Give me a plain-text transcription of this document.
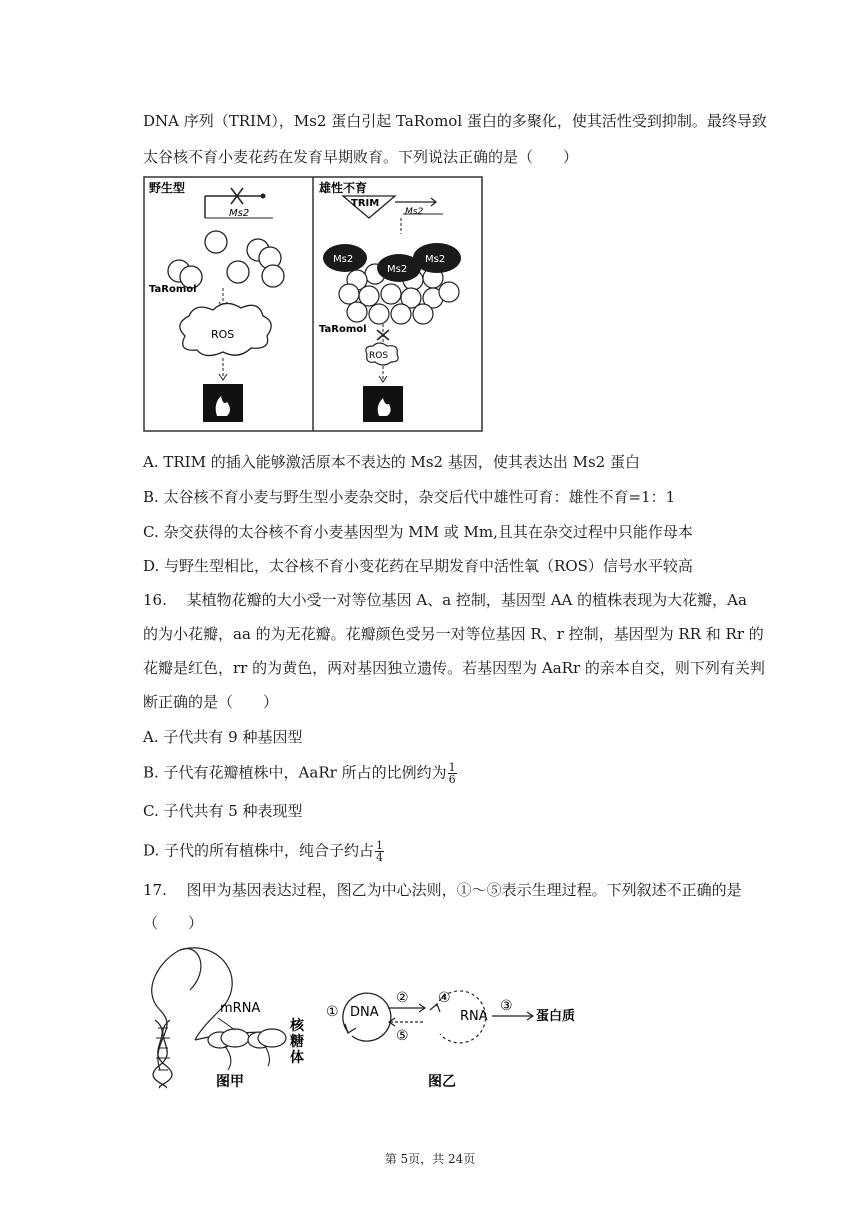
DNA 序列（TRIM），Ms2 蛋白引起 TaRomol 蛋白的多聚化，使其活性受到抑制。最终导致
太谷核不育小麦花药在发育早期败育。下列说法正确的是（　　）
野生型
Ms2
TaRomol
ROS
雄性不育
TRIM
Ms2
Ms2
Ms2
Ms2
TaRomol
ROS
A. TRIM 的插入能够激活原本不表达的 Ms2 基因，使其表达出 Ms2 蛋白
B. 太谷核不育小麦与野生型小麦杂交时，杂交后代中雄性可育：雄性不育=1：1
C. 杂交获得的太谷核不育小麦基因型为 MM 或 Mm,且其在杂交过程中只能作母本
D. 与野生型相比，太谷核不育小变花药在早期发育中活性氧（ROS）信号水平较高
16.　 某植物花瓣的大小受一对等位基因 A、a 控制，基因型 AA 的植株表现为大花瓣，Aa
的为小花瓣，aa 的为无花瓣。花瓣颜色受另一对等位基因 R、r 控制，基因型为 RR 和 Rr 的
花瓣是红色，rr 的为黄色，两对基因独立遗传。若基因型为 AaRr 的亲本自交，则下列有关判
断正确的是（　　）
A. 子代共有 9 种基因型
B. 子代有花瓣植株中，AaRr 所占的比例约为 $\frac{1}{6}$
C. 子代共有 5 种表现型
D. 子代的所有植株中，纯合子约占 $\frac{1}{4}$
17.　 图甲为基因表达过程，图乙为中心法则，①～⑤表示生理过程。下列叙述不正确的是
（　　）
mRNA
核
糖
体
图甲
① DNA
②
⑤
④
RNA
③
蛋白质
图乙
第 5页，共 24页
